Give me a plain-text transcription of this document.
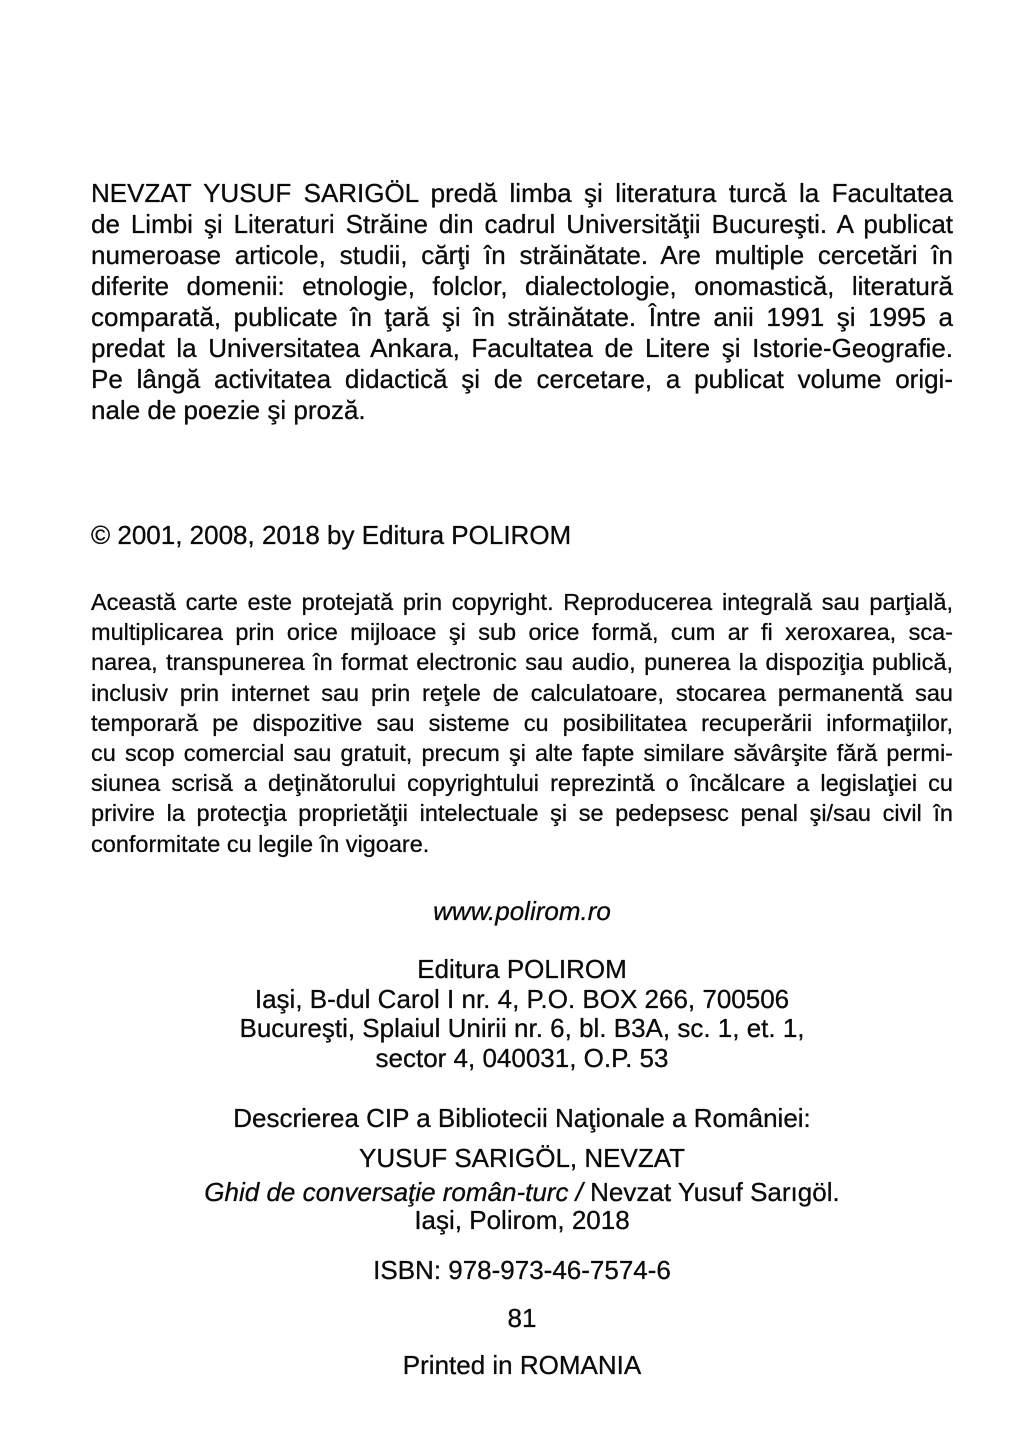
NEVZAT YUSUF SARIGÖL predă limba şi literatura turcă la Facultatea
de Limbi şi Literaturi Străine din cadrul Universităţii Bucureşti. A publicat
numeroase articole, studii, cărţi în străinătate. Are multiple cercetări în
diferite domenii: etnologie, folclor, dialectologie, onomastică, literatură
comparată, publicate în ţară şi în străinătate. Între anii 1991 şi 1995 a
predat la Universitatea Ankara, Facultatea de Litere şi Istorie-Geografie.
Pe lângă activitatea didactică şi de cercetare, a publicat volume origi-
nale de poezie şi proză.
© 2001, 2008, 2018 by Editura POLIROM
Această carte este protejată prin copyright. Reproducerea integrală sau parţială,
multiplicarea prin orice mijloace şi sub orice formă, cum ar fi xeroxarea, sca-
narea, transpunerea în format electronic sau audio, punerea la dispoziţia publică,
inclusiv prin internet sau prin reţele de calculatoare, stocarea permanentă sau
temporară pe dispozitive sau sisteme cu posibilitatea recuperării informaţiilor,
cu scop comercial sau gratuit, precum şi alte fapte similare săvârşite fără permi-
siunea scrisă a deţinătorului copyrightului reprezintă o încălcare a legislaţiei cu
privire la protecţia proprietăţii intelectuale şi se pedepsesc penal şi/sau civil în
conformitate cu legile în vigoare.
www.polirom.ro
Editura POLIROM
Iaşi, B-dul Carol I nr. 4, P.O. BOX 266, 700506
Bucureşti, Splaiul Unirii nr. 6, bl. B3A, sc. 1, et. 1,
sector 4, 040031, O.P. 53
Descrierea CIP a Bibliotecii Naţionale a României:
YUSUF SARIGÖL, NEVZAT
Ghid de conversaţie român-turc / Nevzat Yusuf Sarıgöl.
Iaşi, Polirom, 2018
ISBN: 978-973-46-7574-6
81
Printed in ROMANIA
